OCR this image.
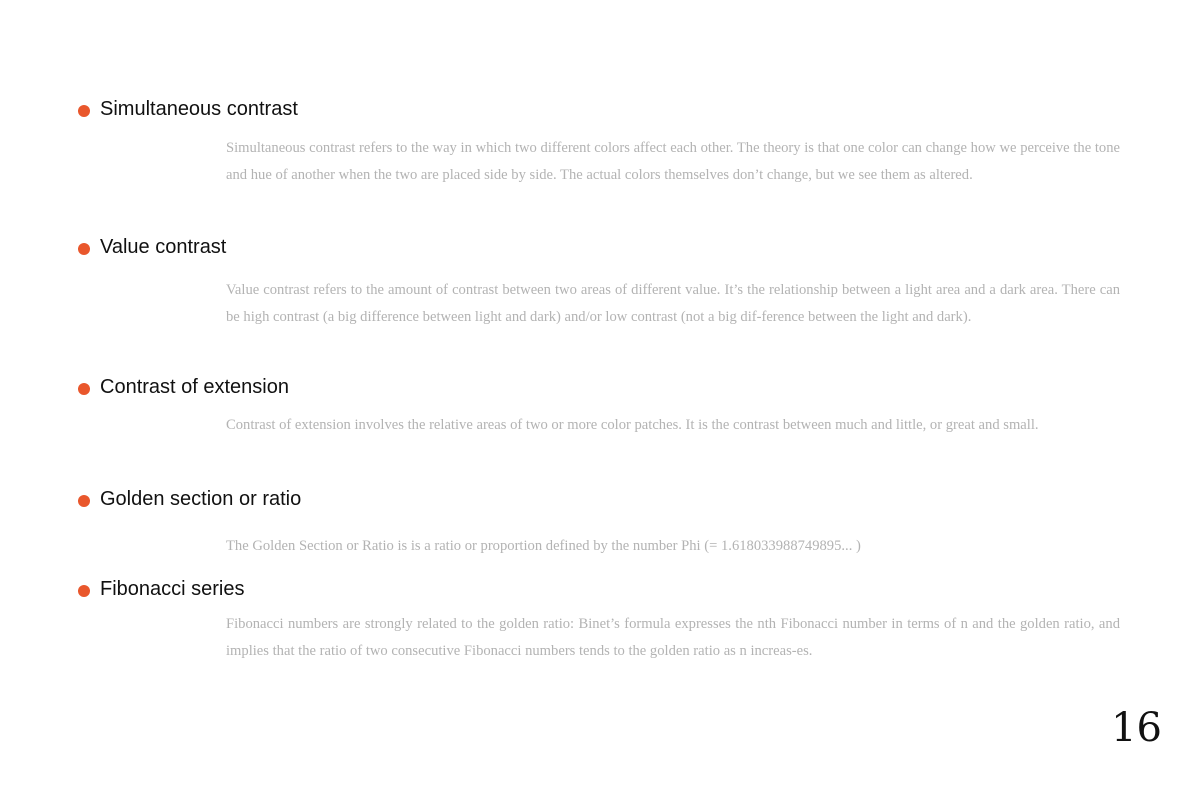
Simultaneous contrast

Simultaneous contrast refers to the way in which two different colors affect each other. The theory is that one color can change how we perceive the tone and hue of another when the two are placed side by side. The actual colors themselves don’t change, but we see them as altered.

Value contrast

Value contrast refers to the amount of contrast between two areas of different value. It’s the relationship between a light area and a dark area. There can be high contrast (a big difference between light and dark) and/or low contrast (not a big dif-ference between the light and dark).

Contrast of extension

Contrast of extension involves the relative areas of two or more color patches. It is the contrast between much and little, or great and small.

Golden section or ratio

The Golden Section or Ratio is is a ratio or proportion defined by the number Phi (= 1.618033988749895... )

Fibonacci series

Fibonacci numbers are strongly related to the golden ratio: Binet’s formula expresses the nth Fibonacci number in terms of n and the golden ratio, and implies that the ratio of two consecutive Fibonacci numbers tends to the golden ratio as n increas-es.

16
